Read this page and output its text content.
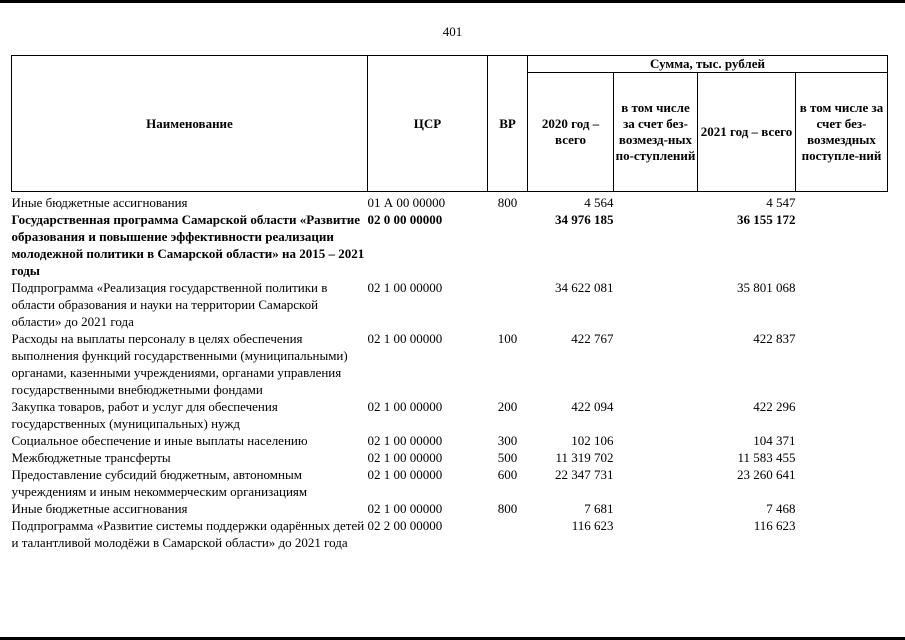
401
Наименование	ЦСР	ВР	Сумма, тыс. рублей			
			2020 год – всего	в том числе за счет без-возмезд-ных по-ступлений	2021 год – всего	в том числе за счет без-возмездных поступле-ний

Иные бюджетные ассигнования	01 А 00 00000	800	4 564		4 547	
Государственная программа Самарской области «Развитие образования и повышение эффективности реализации молодежной политики в Самарской области» на 2015 – 2021 годы	02 0 00 00000		34 976 185		36 155 172	
Подпрограмма «Реализация государственной политики в области образования и науки на территории Самарской области» до 2021 года	02 1 00 00000		34 622 081		35 801 068	
Расходы на выплаты персоналу в целях обеспечения выполнения функций государственными (муниципальными) органами, казенными учреждениями, органами управления государственными внебюджетными фондами	02 1 00 00000	100	422 767		422 837	
Закупка товаров, работ и услуг для обеспечения государственных (муниципальных) нужд	02 1 00 00000	200	422 094		422 296	
Социальное обеспечение и иные выплаты населению	02 1 00 00000	300	102 106		104 371	
Межбюджетные трансферты	02 1 00 00000	500	11 319 702		11 583 455	
Предоставление субсидий бюджетным, автономным учреждениям и иным некоммерческим организациям	02 1 00 00000	600	22 347 731		23 260 641	
Иные бюджетные ассигнования	02 1 00 00000	800	7 681		7 468	
Подпрограмма «Развитие системы поддержки одарённых детей и талантливой молодёжи в Самарской области» до 2021 года	02 2 00 00000		116 623		116 623	
